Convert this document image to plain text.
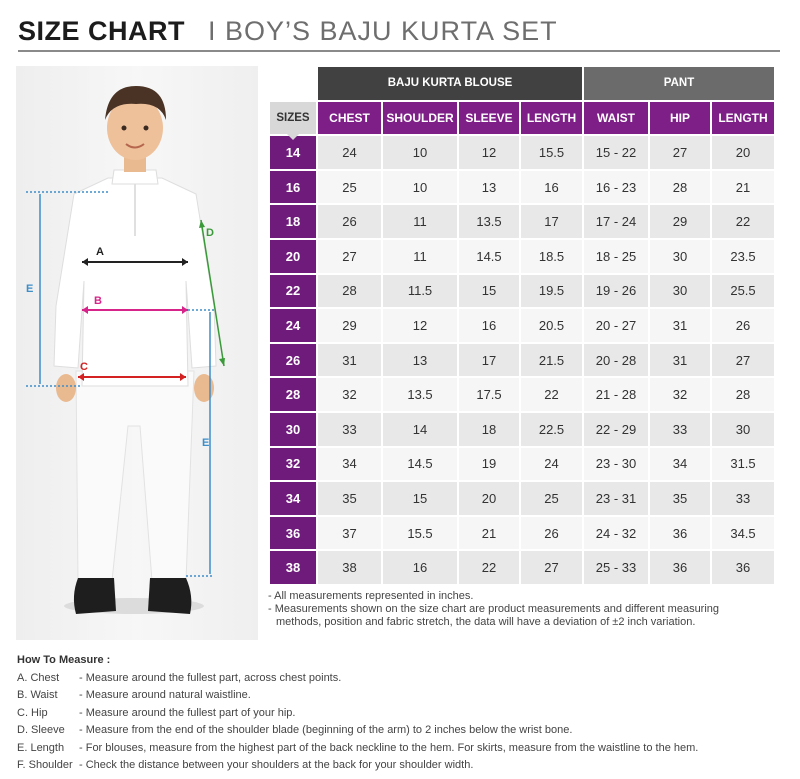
SIZE CHART I BOY’S BAJU KURTA SET
E
A
B
C
D
E
	BAJU KURTA BLOUSE				PANT		
SIZES	CHEST	SHOULDER	SLEEVE	LENGTH	WAIST	HIP	LENGTH
14	24	10	12	15.5	15 - 22	27	20
16	25	10	13	16	16 - 23	28	21
18	26	11	13.5	17	17 - 24	29	22
20	27	11	14.5	18.5	18 - 25	30	23.5
22	28	11.5	15	19.5	19 - 26	30	25.5
24	29	12	16	20.5	20 - 27	31	26
26	31	13	17	21.5	20 - 28	31	27
28	32	13.5	17.5	22	21 - 28	32	28
30	33	14	18	22.5	22 - 29	33	30
32	34	14.5	19	24	23 - 30	34	31.5
34	35	15	20	25	23 - 31	35	33
36	37	15.5	21	26	24 - 32	36	34.5
38	38	16	22	27	25 - 33	36	36
- All measurements represented in inches.
- Measurements shown on the size chart are product measurements and different measuring
methods, position and fabric stretch, the data will have a deviation of ±2 inch variation.
How To Measure :
A. Chest	- Measure around the fullest part, across chest points.
B. Waist	- Measure around natural waistline.
C. Hip	- Measure around the fullest part of your hip.
D. Sleeve	- Measure from the end of the shoulder blade (beginning of the arm) to 2 inches below the wrist bone.
E. Length	- For blouses, measure from the highest part of the back neckline to the hem. For skirts, measure from the waistline to the hem.
F. Shoulder - Check the distance between your shoulders at the back for your shoulder width.
